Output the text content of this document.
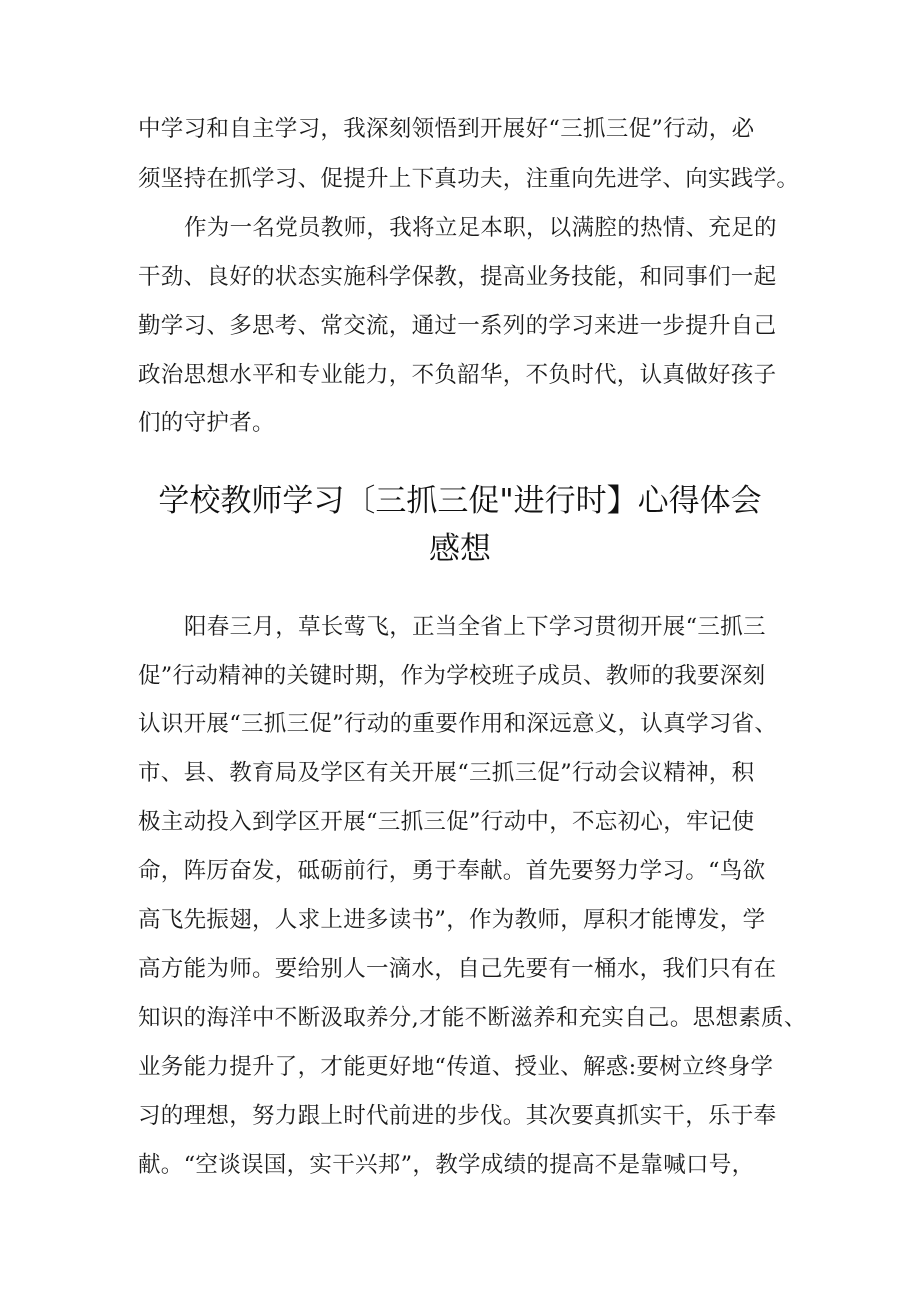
中学习和自主学习，我深刻领悟到开展好“三抓三促”行动，必
须坚持在抓学习、促提升上下真功夫，注重向先进学、向实践学。
作为一名党员教师，我将立足本职，以满腔的热情、充足的
干劲、良好的状态实施科学保教，提高业务技能，和同事们一起
勤学习、多思考、常交流，通过一系列的学习来进一步提升自己
政治思想水平和专业能力，不负韶华，不负时代，认真做好孩子
们的守护者。
学校教师学习〔三抓三促"进行时】心得体会
感想
阳春三月，草长莺飞，正当全省上下学习贯彻开展“三抓三
促”行动精神的关键时期，作为学校班子成员、教师的我要深刻
认识开展“三抓三促”行动的重要作用和深远意义，认真学习省、
市、县、教育局及学区有关开展“三抓三促”行动会议精神，积
极主动投入到学区开展“三抓三促”行动中，不忘初心，牢记使
命，阵厉奋发，砥砺前行，勇于奉献。首先要努力学习。“鸟欲
高飞先振翅，人求上进多读书”，作为教师，厚积才能博发，学
高方能为师。要给别人一滴水，自己先要有一桶水，我们只有在
知识的海洋中不断汲取养分,才能不断滋养和充实自己。思想素质、
业务能力提升了，才能更好地“传道、授业、解惑:要树立终身学
习的理想，努力跟上时代前进的步伐。其次要真抓实干，乐于奉
献。“空谈误国，实干兴邦”，教学成绩的提高不是靠喊口号，
